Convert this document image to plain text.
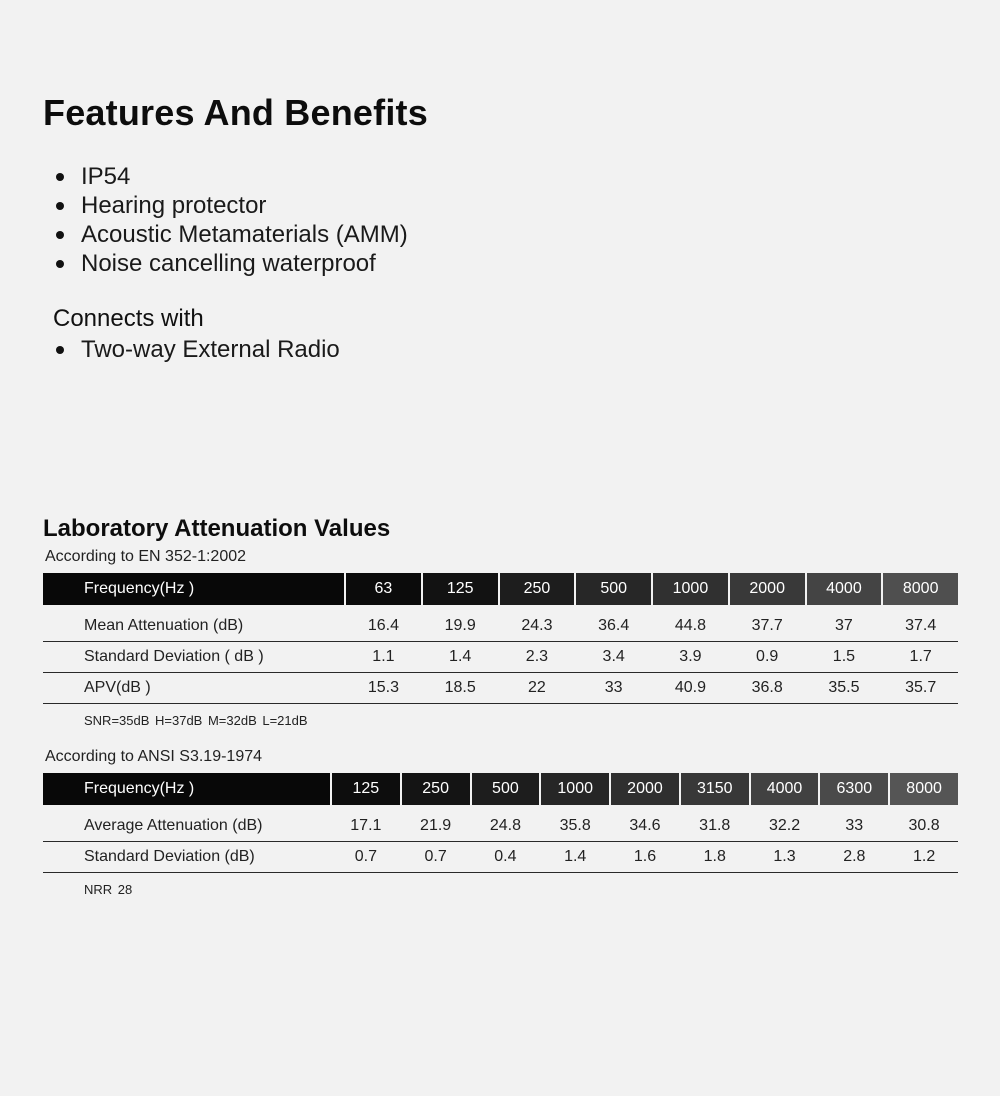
Features And Benefits
IP54
Hearing protector
Acoustic Metamaterials (AMM)
Noise cancelling waterproof
Connects with
Two-way External Radio
Laboratory Attenuation Values
According to EN 352-1:2002
Frequency(Hz )	63	125	250	500	1000	2000	4000	8000
Mean Attenuation (dB)	16.4	19.9	24.3	36.4	44.8	37.7	37	37.4
Standard Deviation ( dB )	1.1	1.4	2.3	3.4	3.9	0.9	1.5	1.7
APV(dB )	15.3	18.5	22	33	40.9	36.8	35.5	35.7
SNR=35dB H=37dB M=32dB L=21dB
According to ANSI S3.19-1974
Frequency(Hz )	125	250	500	1000	2000	3150	4000	6300	8000
Average Attenuation (dB)	17.1	21.9	24.8	35.8	34.6	31.8	32.2	33	30.8
Standard Deviation (dB)	0.7	0.7	0.4	1.4	1.6	1.8	1.3	2.8	1.2
NRR 28
